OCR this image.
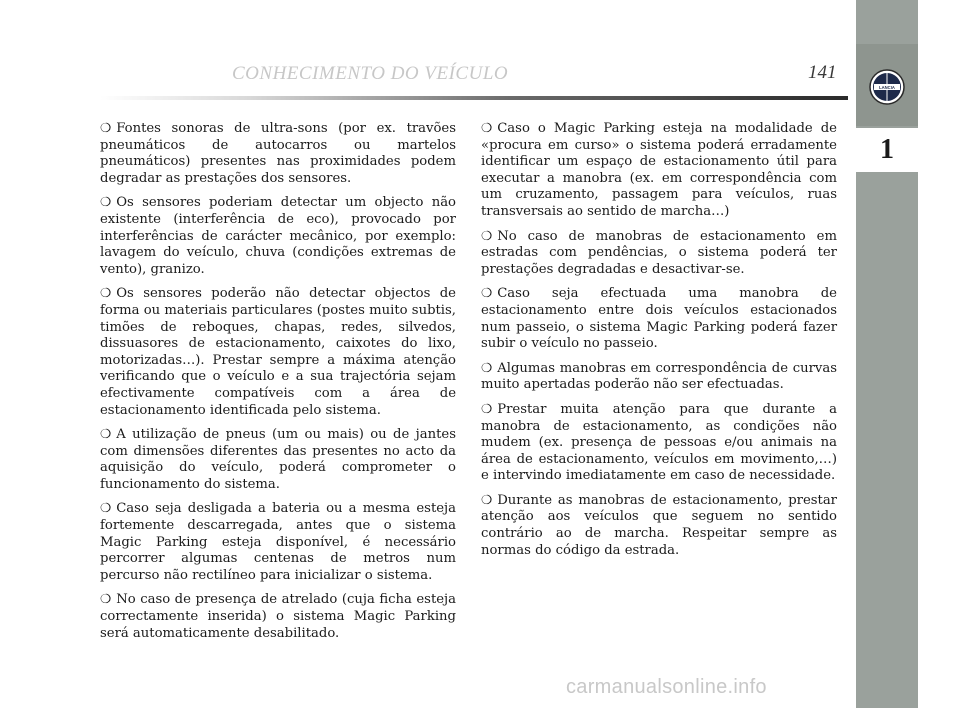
LANCIA
1
CONHECIMENTO DO VEÍCULO	141

❍ Fontes sonoras de ultra-sons (por ex. travões pneumáticos de autocarros ou martelos pneumáticos) presentes nas proximidades podem degradar as prestações dos sensores.

❍ Os sensores poderiam detectar um objecto não existente (interferência de eco), provocado por interferências de carácter mecânico, por exemplo: lavagem do veículo, chuva (condições extremas de vento), granizo.

❍ Os sensores poderão não detectar objectos de forma ou materiais particulares (postes muito subtis, timões de reboques, chapas, redes, silvedos, dissuasores de estacionamento, caixotes do lixo, motorizadas…). Prestar sempre a máxima atenção verificando que o veículo e a sua trajectória sejam efectivamente compatíveis com a área de estacionamento identificada pelo sistema.

❍ A utilização de pneus (um ou mais) ou de jantes com dimensões diferentes das presentes no acto da aquisição do veículo, poderá comprometer o funcionamento do sistema.

❍ Caso seja desligada a bateria ou a mesma esteja fortemente descarregada, antes que o sistema Magic Parking esteja disponível, é necessário percorrer algumas centenas de metros num percurso não rectilíneo para inicializar o sistema.

❍ No caso de presença de atrelado (cuja ficha esteja correctamente inserida) o sistema Magic Parking será automaticamente desabilitado.

❍ Caso o Magic Parking esteja na modalidade de «procura em curso» o sistema poderá erradamente identificar um espaço de estacionamento útil para executar a manobra (ex. em correspondência com um cruzamento, passagem para veículos, ruas transversais ao sentido de marcha…)

❍ No caso de manobras de estacionamento em estradas com pendências, o sistema poderá ter prestações degradadas e desactivar-se.

❍ Caso seja efectuada uma manobra de estacionamento entre dois veículos estacionados num passeio, o sistema Magic Parking poderá fazer subir o veículo no passeio.

❍ Algumas manobras em correspondência de curvas muito apertadas poderão não ser efectuadas.

❍ Prestar muita atenção para que durante a manobra de estacionamento, as condições não mudem (ex. presença de pessoas e/ou animais na área de estacionamento, veículos em movimento,…) e intervindo imediatamente em caso de necessidade.

❍ Durante as manobras de estacionamento, prestar atenção aos veículos que seguem no sentido contrário ao de marcha. Respeitar sempre as normas do código da estrada.

carmanualsonline.info
